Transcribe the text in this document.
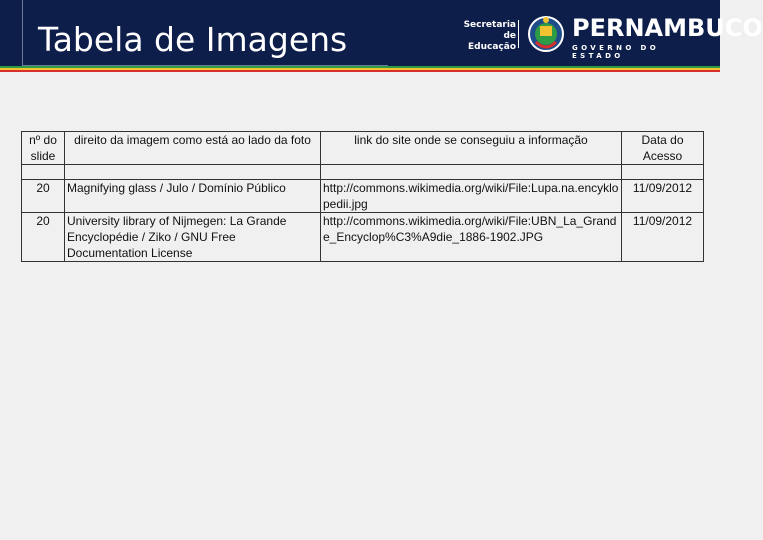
Tabela de Imagens	Secretaria de
Educação
PERNAMBUCO
GOVERNO DO ESTADO
nº do slide	direito da imagem como está ao lado da foto	link do site onde se conseguiu a informação	Data do Acesso

20	Magnifying glass / Julo / Domínio Público	http://commons.wikimedia.org/wiki/File:Lupa.na.encyklopedii.jpg	11/09/2012
20	University library of Nijmegen: La Grande Encyclopédie / Ziko / GNU Free Documentation License	http://commons.wikimedia.org/wiki/File:UBN_La_Grande_Encyclop%C3%A9die_1886-1902.JPG	11/09/2012
